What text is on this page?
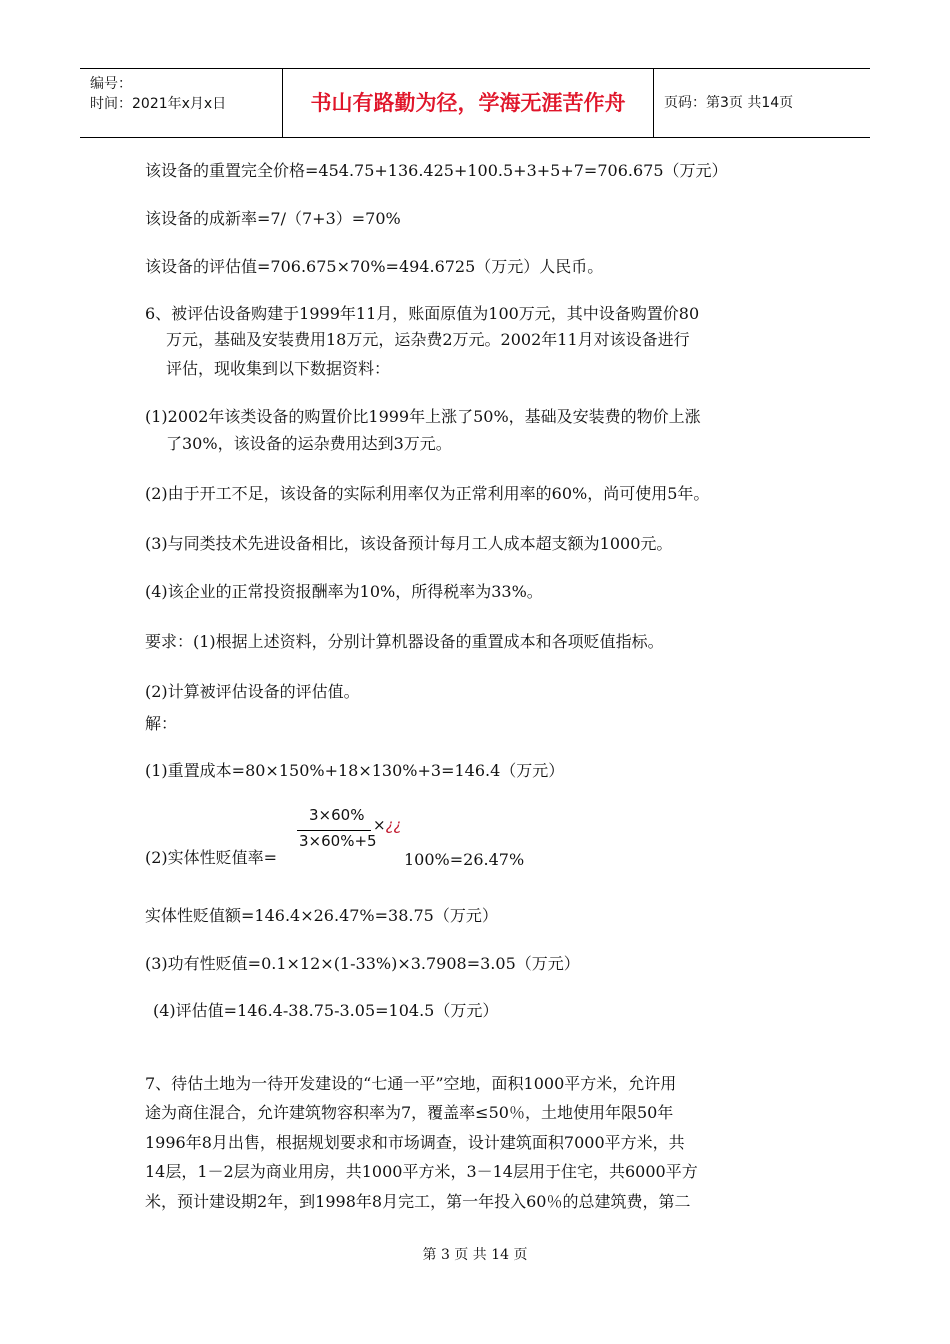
编号：
时间：2021年x月x日	书山有路勤为径，学海无涯苦作舟	页码：第3页 共14页
该设备的重置完全价格=454.75+136.425+100.5+3+5+7=706.675（万元）
该设备的成新率=7/（7+3）=70%
该设备的评估值=706.675×70%=494.6725（万元）人民币。
6、被评估设备购建于1999年11月，账面原值为100万元，其中设备购置价80
万元，基础及安装费用18万元，运杂费2万元。2002年11月对该设备进行
评估，现收集到以下数据资料：
(1)2002年该类设备的购置价比1999年上涨了50%，基础及安装费的物价上涨
了30%，该设备的运杂费用达到3万元。
(2)由于开工不足，该设备的实际利用率仅为正常利用率的60%，尚可使用5年。
(3)与同类技术先进设备相比，该设备预计每月工人成本超支额为1000元。
(4)该企业的正常投资报酬率为10%，所得税率为33%。
要求：(1)根据上述资料，分别计算机器设备的重置成本和各项贬值指标。
(2)计算被评估设备的评估值。
解：
(1)重置成本=80×150%+18×130%+3=146.4（万元）
(2)实体性贬值率=
3×60%
3×60%+5
×¿¿
100%=26.47%
实体性贬值额=146.4×26.47%=38.75（万元）
(3)功有性贬值=0.1×12×(1-33%)×3.7908=3.05（万元）
(4)评估值=146.4-38.75-3.05=104.5（万元）
7、待估土地为一待开发建设的“七通一平”空地，面积1000平方米，允许用
途为商住混合，允许建筑物容积率为7，覆盖率≤50％，土地使用年限50年
1996年8月出售，根据规划要求和市场调查，设计建筑面积7000平方米，共
14层，1－2层为商业用房，共1000平方米，3－14层用于住宅，共6000平方
米，预计建设期2年，到1998年8月完工，第一年投入60％的总建筑费，第二
第 3 页 共 14 页
